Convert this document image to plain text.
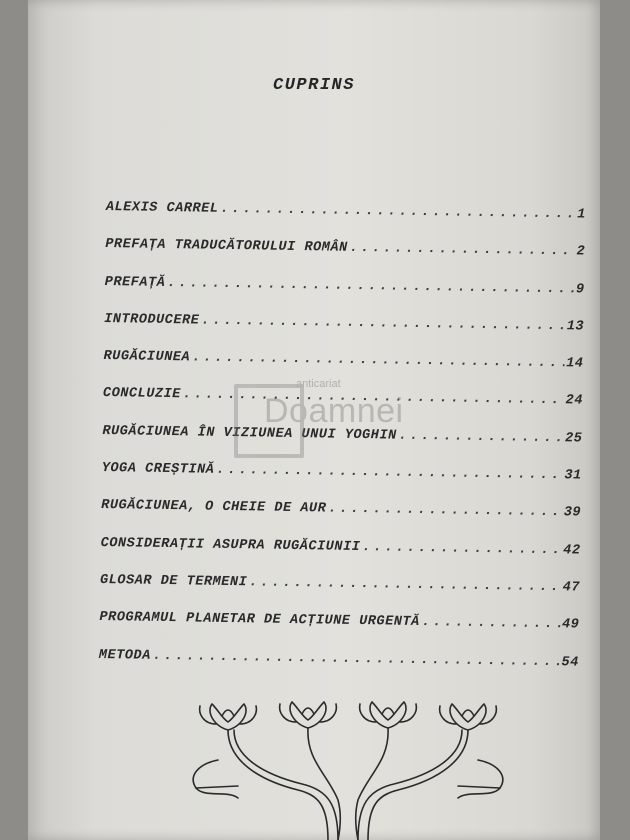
CUPRINS
ALEXIS CARREL .....	1
PREFAȚA TRADUCĂTORULUI ROMÂN .....	2
PREFAȚĂ .....	9
INTRODUCERE .....	13
RUGĂCIUNEA .....	14
CONCLUZIE .....	24
RUGĂCIUNEA ÎN VIZIUNEA UNUI YOGHIN .....	25
YOGA CREȘTINĂ .....	31
RUGĂCIUNEA, O CHEIE DE AUR .....	39
CONSIDERAȚII ASUPRA RUGĂCIUNII .....	42
GLOSAR DE TERMENI .....	47
PROGRAMUL PLANETAR DE ACȚIUNE URGENTĂ .....	49
METODA .....	54
anticariat
Doamnei
